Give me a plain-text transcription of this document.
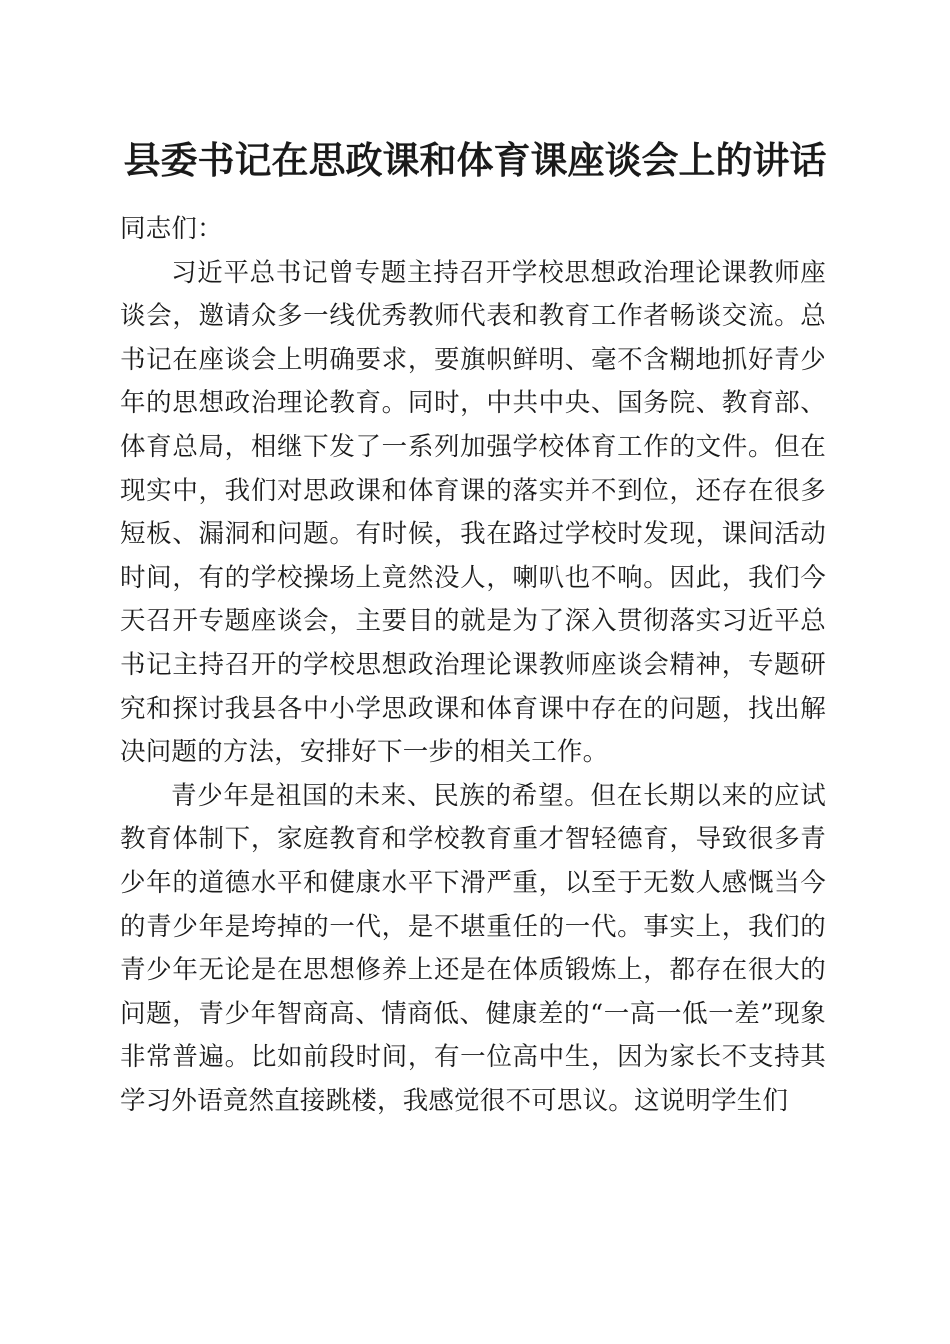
县委书记在思政课和体育课座谈会上的讲话

同志们：

习近平总书记曾专题主持召开学校思想政治理论课教师座谈会，邀请众多一线优秀教师代表和教育工作者畅谈交流。总书记在座谈会上明确要求，要旗帜鲜明、毫不含糊地抓好青少年的思想政治理论教育。同时，中共中央、国务院、教育部、体育总局，相继下发了一系列加强学校体育工作的文件。但在现实中，我们对思政课和体育课的落实并不到位，还存在很多短板、漏洞和问题。有时候，我在路过学校时发现，课间活动时间，有的学校操场上竟然没人，喇叭也不响。因此，我们今天召开专题座谈会，主要目的就是为了深入贯彻落实习近平总书记主持召开的学校思想政治理论课教师座谈会精神，专题研究和探讨我县各中小学思政课和体育课中存在的问题，找出解决问题的方法，安排好下一步的相关工作。

青少年是祖国的未来、民族的希望。但在长期以来的应试教育体制下，家庭教育和学校教育重才智轻德育，导致很多青少年的道德水平和健康水平下滑严重，以至于无数人感慨当今的青少年是垮掉的一代，是不堪重任的一代。事实上，我们的青少年无论是在思想修养上还是在体质锻炼上，都存在很大的问题，青少年智商高、情商低、健康差的“一高一低一差”现象非常普遍。比如前段时间，有一位高中生，因为家长不支持其学习外语竟然直接跳楼，我感觉很不可思议。这说明学生们
